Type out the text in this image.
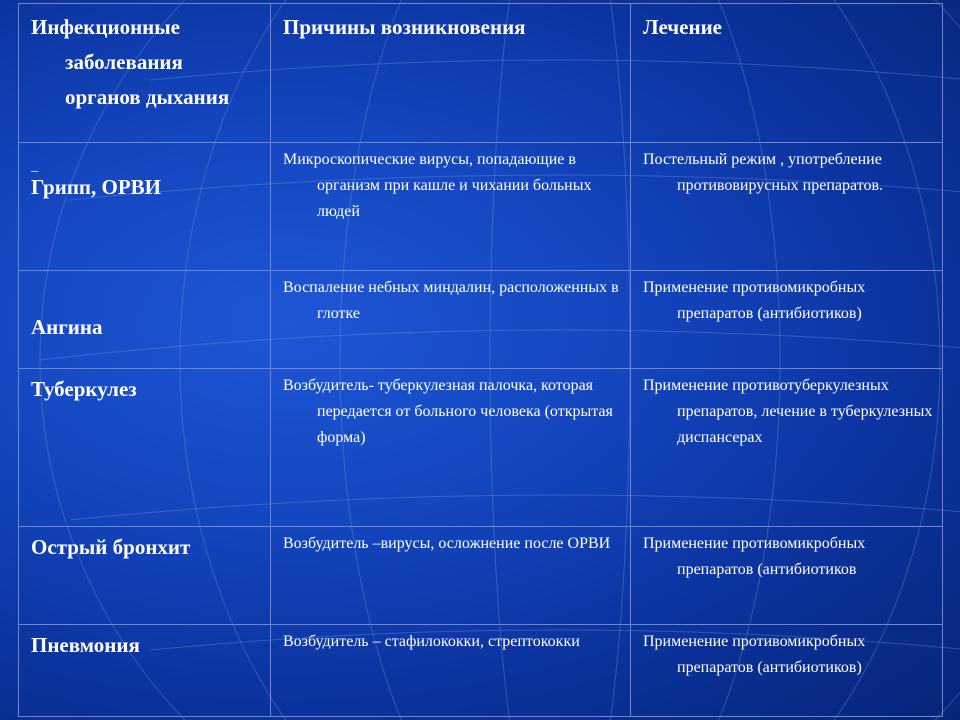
Инфекционные заболевания органов дыхания	Причины возникновения	Лечение

_
Грипп, ОРВИ	Микроскопические вирусы, попадающие в организм при кашле и чихании больных людей	Постельный режим , употребление противовирусных препаратов.

Ангина	Воспаление небных миндалин, расположенных в глотке	Применение противомикробных препаратов (антибиотиков)

Туберкулез	Возбудитель- туберкулезная палочка, которая передается от больного человека (открытая форма)	Применение противотуберкулезных препаратов, лечение в туберкулезных диспансерах

Острый бронхит	Возбудитель –вирусы, осложнение после ОРВИ	Применение противомикробных препаратов (антибиотиков

Пневмония	Возбудитель – стафилококки, стрептококки	Применение противомикробных препаратов (антибиотиков)
